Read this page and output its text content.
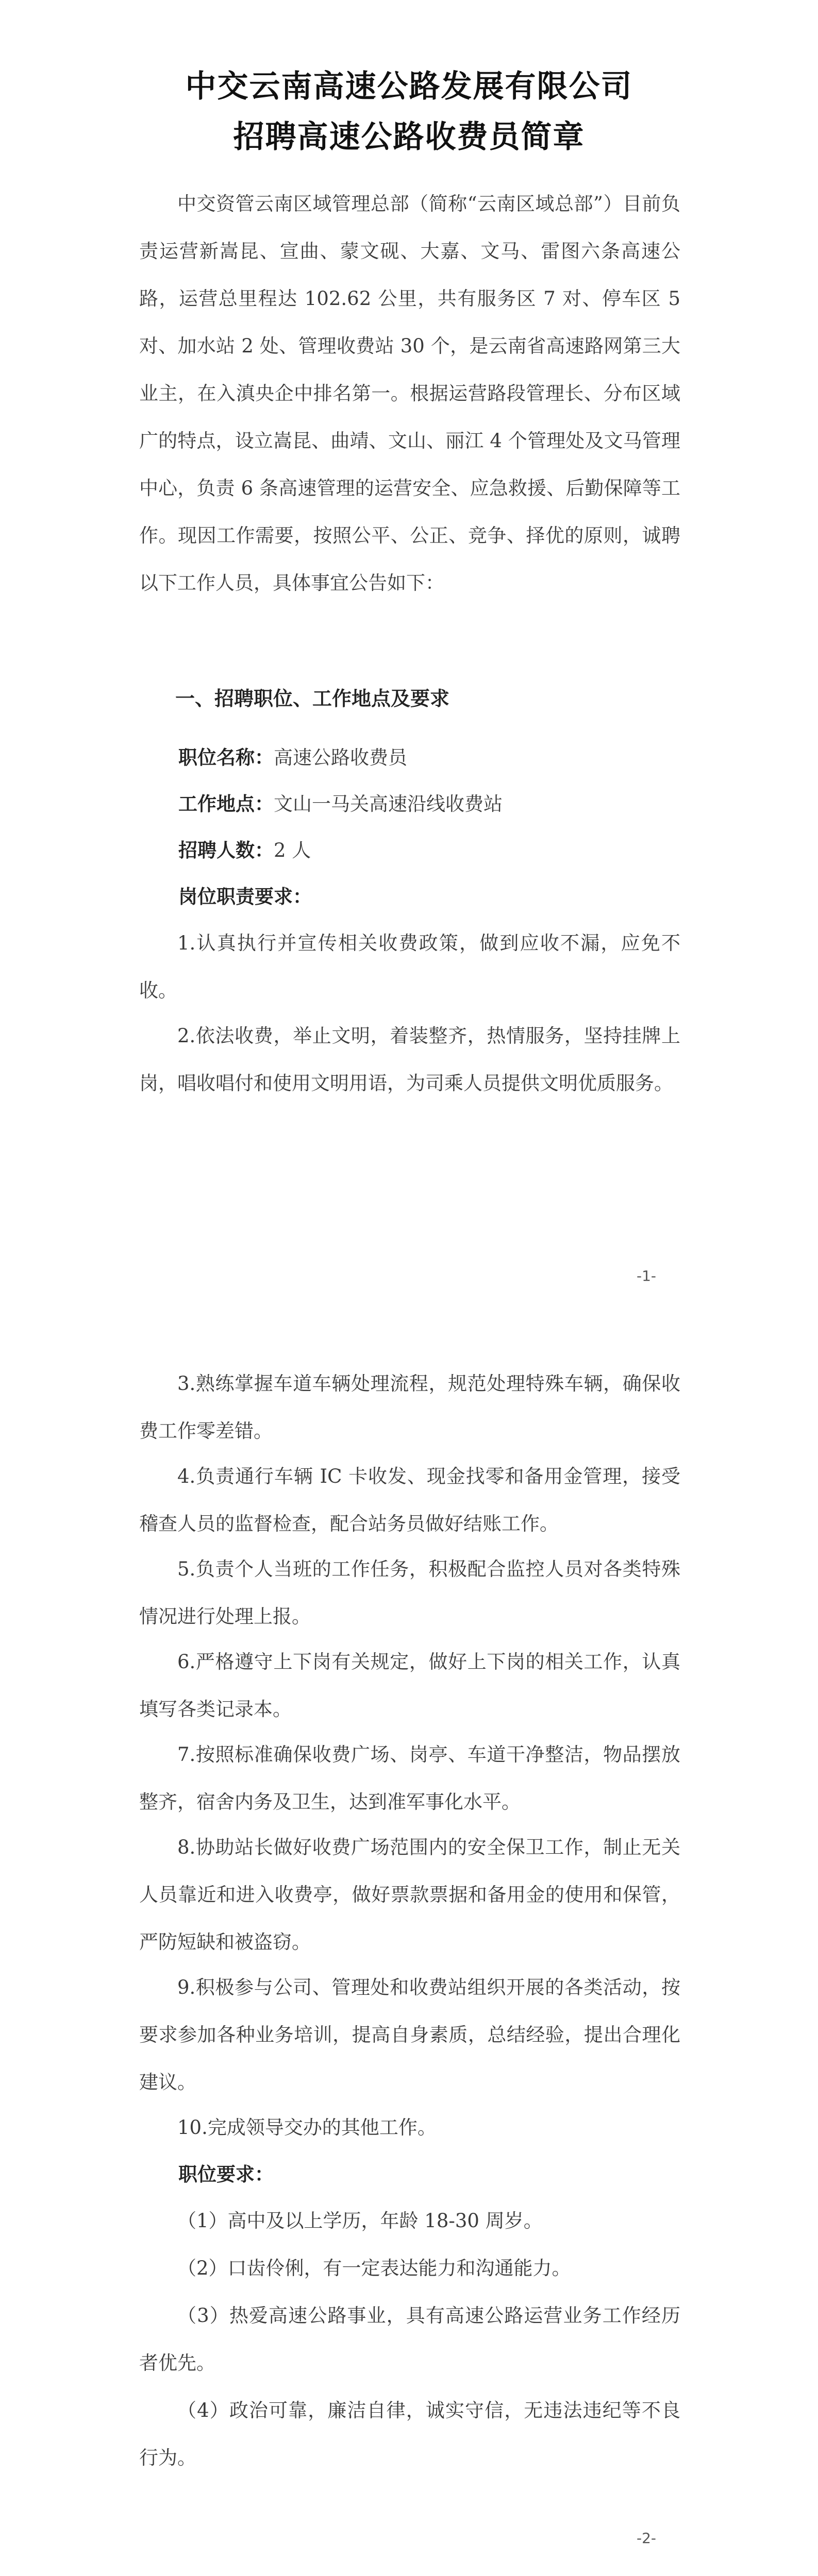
中交云南高速公路发展有限公司
招聘高速公路收费员简章

中交资管云南区域管理总部（简称“云南区域总部”）目前负责运营新嵩昆、宣曲、蒙文砚、大嘉、文马、雷图六条高速公路，运营总里程达 102.62 公里，共有服务区 7 对、停车区 5 对、加水站 2 处、管理收费站 30 个，是云南省高速路网第三大业主，在入滇央企中排名第一。根据运营路段管理长、分布区域广的特点，设立嵩昆、曲靖、文山、丽江 4 个管理处及文马管理中心，负责 6 条高速管理的运营安全、应急救援、后勤保障等工作。现因工作需要，按照公平、公正、竞争、择优的原则，诚聘以下工作人员，具体事宜公告如下：

一、招聘职位、工作地点及要求
职位名称：高速公路收费员
工作地点：文山一马关高速沿线收费站
招聘人数：2 人
岗位职责要求：

1.认真执行并宣传相关收费政策，做到应收不漏，应免不收。

2.依法收费，举止文明，着装整齐，热情服务，坚持挂牌上岗，唱收唱付和使用文明用语，为司乘人员提供文明优质服务。

-1-

3.熟练掌握车道车辆处理流程，规范处理特殊车辆，确保收费工作零差错。

4.负责通行车辆 IC 卡收发、现金找零和备用金管理，接受稽查人员的监督检查，配合站务员做好结账工作。

5.负责个人当班的工作任务，积极配合监控人员对各类特殊情况进行处理上报。

6.严格遵守上下岗有关规定，做好上下岗的相关工作，认真填写各类记录本。

7.按照标准确保收费广场、岗亭、车道干净整洁，物品摆放整齐，宿舍内务及卫生，达到准军事化水平。

8.协助站长做好收费广场范围内的安全保卫工作，制止无关人员靠近和进入收费亭，做好票款票据和备用金的使用和保管，严防短缺和被盗窃。

9.积极参与公司、管理处和收费站组织开展的各类活动，按要求参加各种业务培训，提高自身素质，总结经验，提出合理化建议。

10.完成领导交办的其他工作。

职位要求：

（1）高中及以上学历，年龄 18-30 周岁。

（2）口齿伶俐，有一定表达能力和沟通能力。

（3）热爱高速公路事业，具有高速公路运营业务工作经历者优先。

（4）政治可靠，廉洁自律，诚实守信，无违法违纪等不良行为。

-2-
